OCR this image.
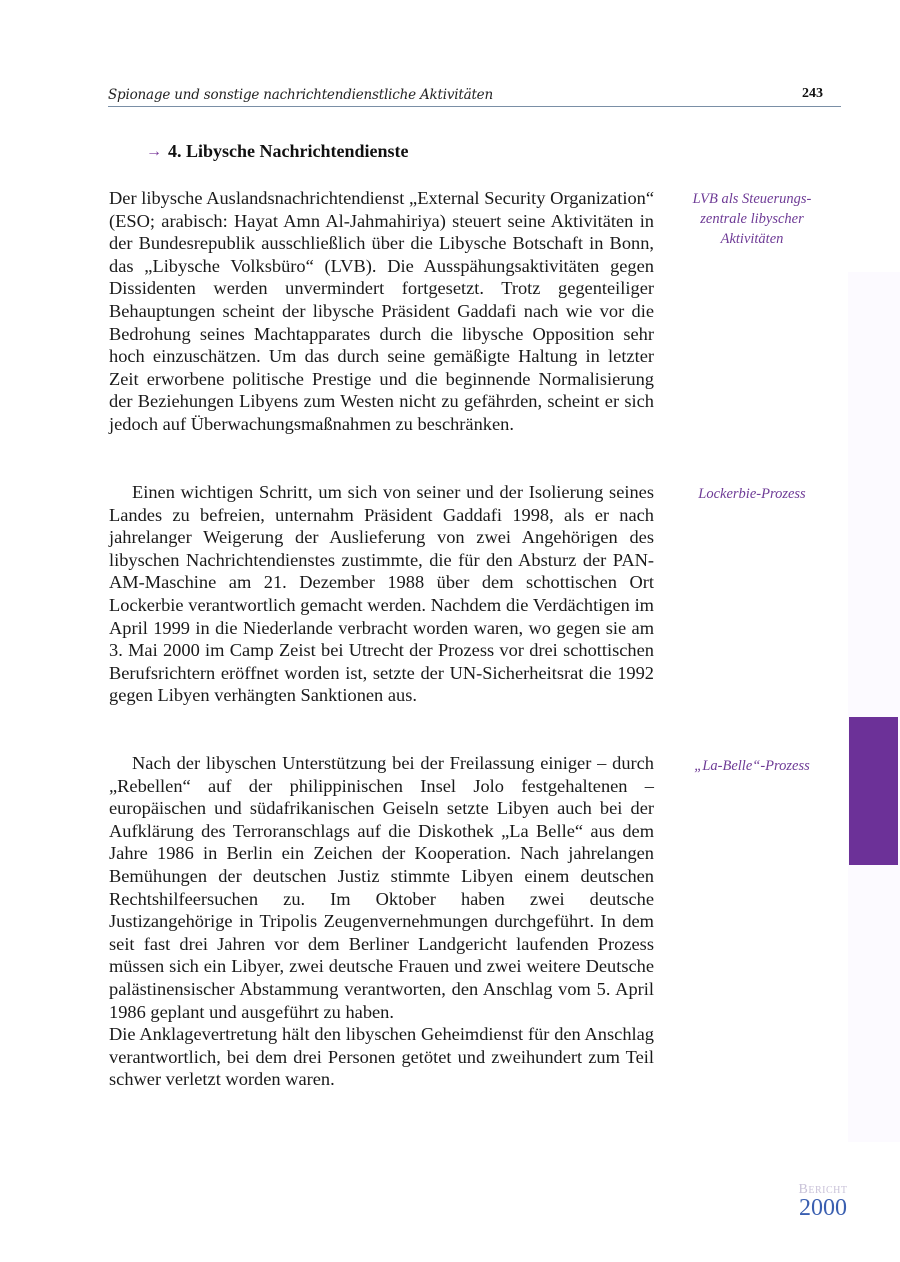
Spionage und sonstige nachrichtendienstliche Aktivitäten	243
→ 4. Libysche Nachrichtendienste

Der libysche Auslandsnachrichtendienst „External Security Organization“ (ESO; arabisch: Hayat Amn Al-Jahmahiriya) steuert seine Aktivitäten in der Bundesrepublik ausschließlich über die Libysche Botschaft in Bonn, das „Libysche Volksbüro“ (LVB). Die Ausspähungsaktivitäten gegen Dissidenten werden unvermindert fortgesetzt. Trotz gegenteiliger Behauptungen scheint der libysche Präsident Gaddafi nach wie vor die Bedrohung seines Machtapparates durch die libysche Opposition sehr hoch einzuschätzen. Um das durch seine gemäßigte Haltung in letzter Zeit erworbene politische Prestige und die beginnende Normalisierung der Beziehungen Libyens zum Westen nicht zu gefährden, scheint er sich jedoch auf Überwachungsmaßnahmen zu beschränken.

Einen wichtigen Schritt, um sich von seiner und der Isolierung seines Landes zu befreien, unternahm Präsident Gaddafi 1998, als er nach jahrelanger Weigerung der Auslieferung von zwei Angehörigen des libyschen Nachrichtendienstes zustimmte, die für den Absturz der PAN-AM-Maschine am 21. Dezember 1988 über dem schottischen Ort Lockerbie verantwortlich gemacht werden. Nachdem die Verdächtigen im April 1999 in die Niederlande verbracht worden waren, wo gegen sie am 3. Mai 2000 im Camp Zeist bei Utrecht der Prozess vor drei schottischen Berufsrichtern eröffnet worden ist, setzte der UN-Sicherheitsrat die 1992 gegen Libyen verhängten Sanktionen aus.

Nach der libyschen Unterstützung bei der Freilassung einiger – durch „Rebellen“ auf der philippinischen Insel Jolo festgehaltenen – europäischen und südafrikanischen Geiseln setzte Libyen auch bei der Aufklärung des Terroranschlags auf die Diskothek „La Belle“ aus dem Jahre 1986 in Berlin ein Zeichen der Kooperation. Nach jahrelangen Bemühungen der deutschen Justiz stimmte Libyen einem deutschen Rechtshilfeersuchen zu. Im Oktober haben zwei deutsche Justizangehörige in Tripolis Zeugenvernehmungen durchgeführt. In dem seit fast drei Jahren vor dem Berliner Landgericht laufenden Prozess müssen sich ein Libyer, zwei deutsche Frauen und zwei weitere Deutsche palästinensischer Abstammung verantworten, den Anschlag vom 5. April 1986 geplant und ausgeführt zu haben.

Die Anklagevertretung hält den libyschen Geheimdienst für den Anschlag verantwortlich, bei dem drei Personen getötet und zweihundert zum Teil schwer verletzt worden waren.

LVB als Steuerungszentrale libyscher Aktivitäten
Lockerbie-Prozess
„La-Belle“-Prozess
Bericht
2000
